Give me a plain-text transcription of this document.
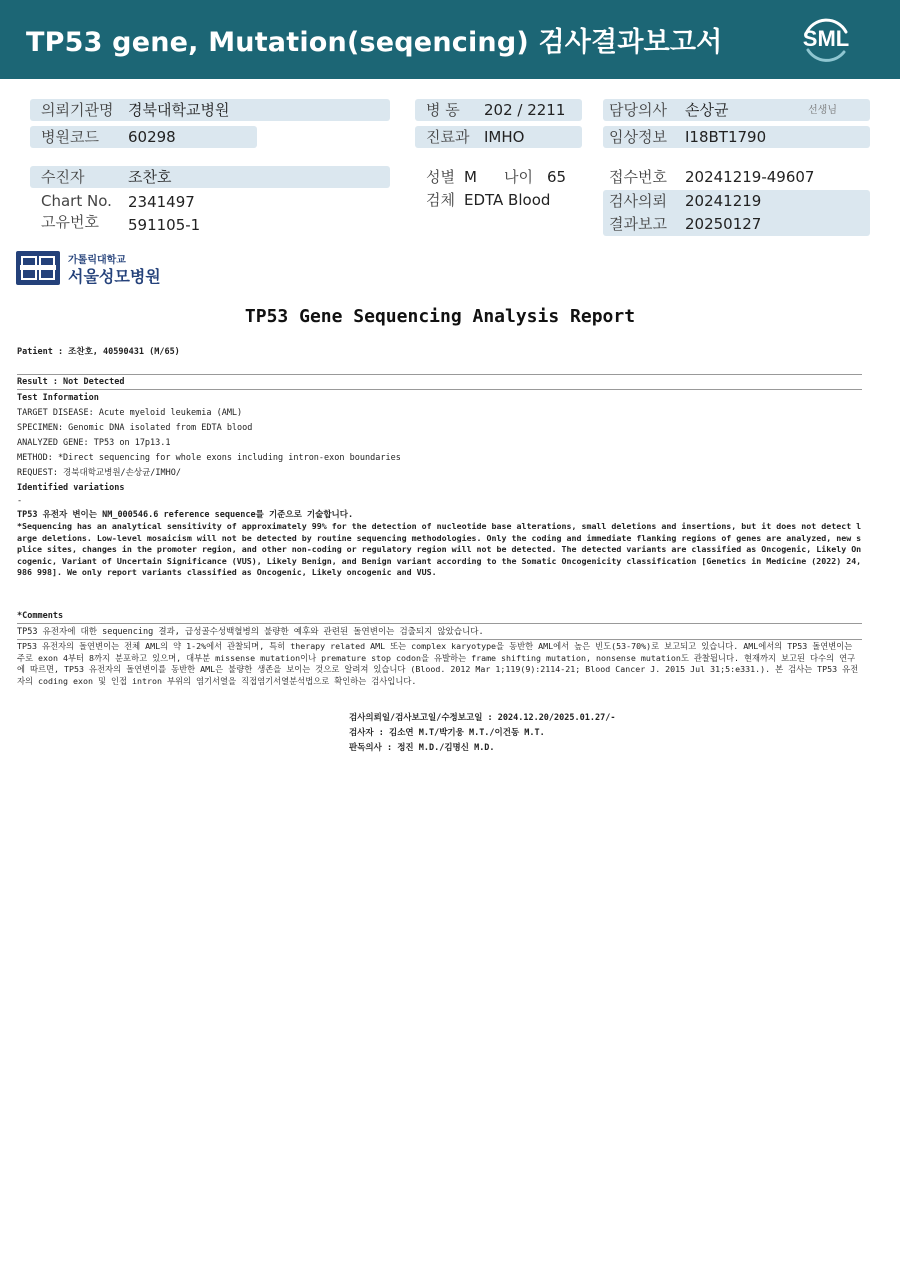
TP53 gene, Mutation(seqencing) 검사결과보고서	SML
의뢰기관명 경북대학교병원
병원코드 60298
병 동 202 / 2211
진료과 IMHO
담당의사 손상균	선생님
임상정보 I18BT1790
수진자	조찬호
Chart No. 2341497
고유번호 591105-1
성별 M 나이 65
검체 EDTA Blood
접수번호 20241219-49607
검사의뢰 20241219
결과보고 20250127
가톨릭대학교
서울성모병원
TP53 Gene Sequencing Analysis Report
Patient : 조찬호, 40590431 (M/65)
Result : Not Detected
Test Information
TARGET DISEASE: Acute myeloid leukemia (AML)
SPECIMEN: Genomic DNA isolated from EDTA blood
ANALYZED GENE: TP53 on 17p13.1
METHOD: *Direct sequencing for whole exons including intron-exon boundaries
REQUEST: 경북대학교병원/손상균/IMHO/
Identified variations
-
TP53 유전자 변이는 NM_000546.6 reference sequence를 기준으로 기술합니다.
*Sequencing has an analytical sensitivity of approximately 99% for the detection of nucleotide base alterations, small deletions and insertions, but it does not detect large deletions. Low-level mosaicism will not be detected by routine sequencing methodologies. Only the coding and immediate flanking regions of genes are analyzed, new splice sites, changes in the promoter region, and other non-coding or regulatory region will not be detected. The detected variants are classified as Oncogenic, Likely Oncogenic, Variant of Uncertain Significance (VUS), Likely Benign, and Benign variant according to the Somatic Oncogenicity classification [Genetics in Medicine (2022) 24, 986 998]. We only report variants classified as Oncogenic, Likely oncogenic and VUS.
*Comments
TP53 유전자에 대한 sequencing 결과, 급성골수성백혈병의 불량한 예후와 관련된 돌연변이는 검출되지 않았습니다.
TP53 유전자의 돌연변이는 전체 AML의 약 1-2%에서 관찰되며, 특히 therapy related AML 또는 complex karyotype을 동반한 AML에서 높은 빈도(53-70%)로 보고되고 있습니다. AML에서의 TP53 돌연변이는 주로 exon 4부터 8까지 분포하고 있으며, 대부분 missense mutation이나 premature stop codon을 유발하는 frame shifting mutation, nonsense mutation도 관찰됩니다. 현재까지 보고된 다수의 연구에 따르면, TP53 유전자의 돌연변이를 동반한 AML은 불량한 생존을 보이는 것으로 알려져 있습니다 (Blood. 2012 Mar 1;119(9):2114-21; Blood Cancer J. 2015 Jul 31;5:e331.). 본 검사는 TP53 유전자의 coding exon 및 인접 intron 부위의 염기서열을 직접염기서열분석법으로 확인하는 검사입니다.
검사의뢰일/검사보고일/수정보고일 : 2024.12.20/2025.01.27/-
검사자 : 김소연 M.T/박기웅 M.T./이건동 M.T.
판독의사 : 정진 M.D./김명신 M.D.
